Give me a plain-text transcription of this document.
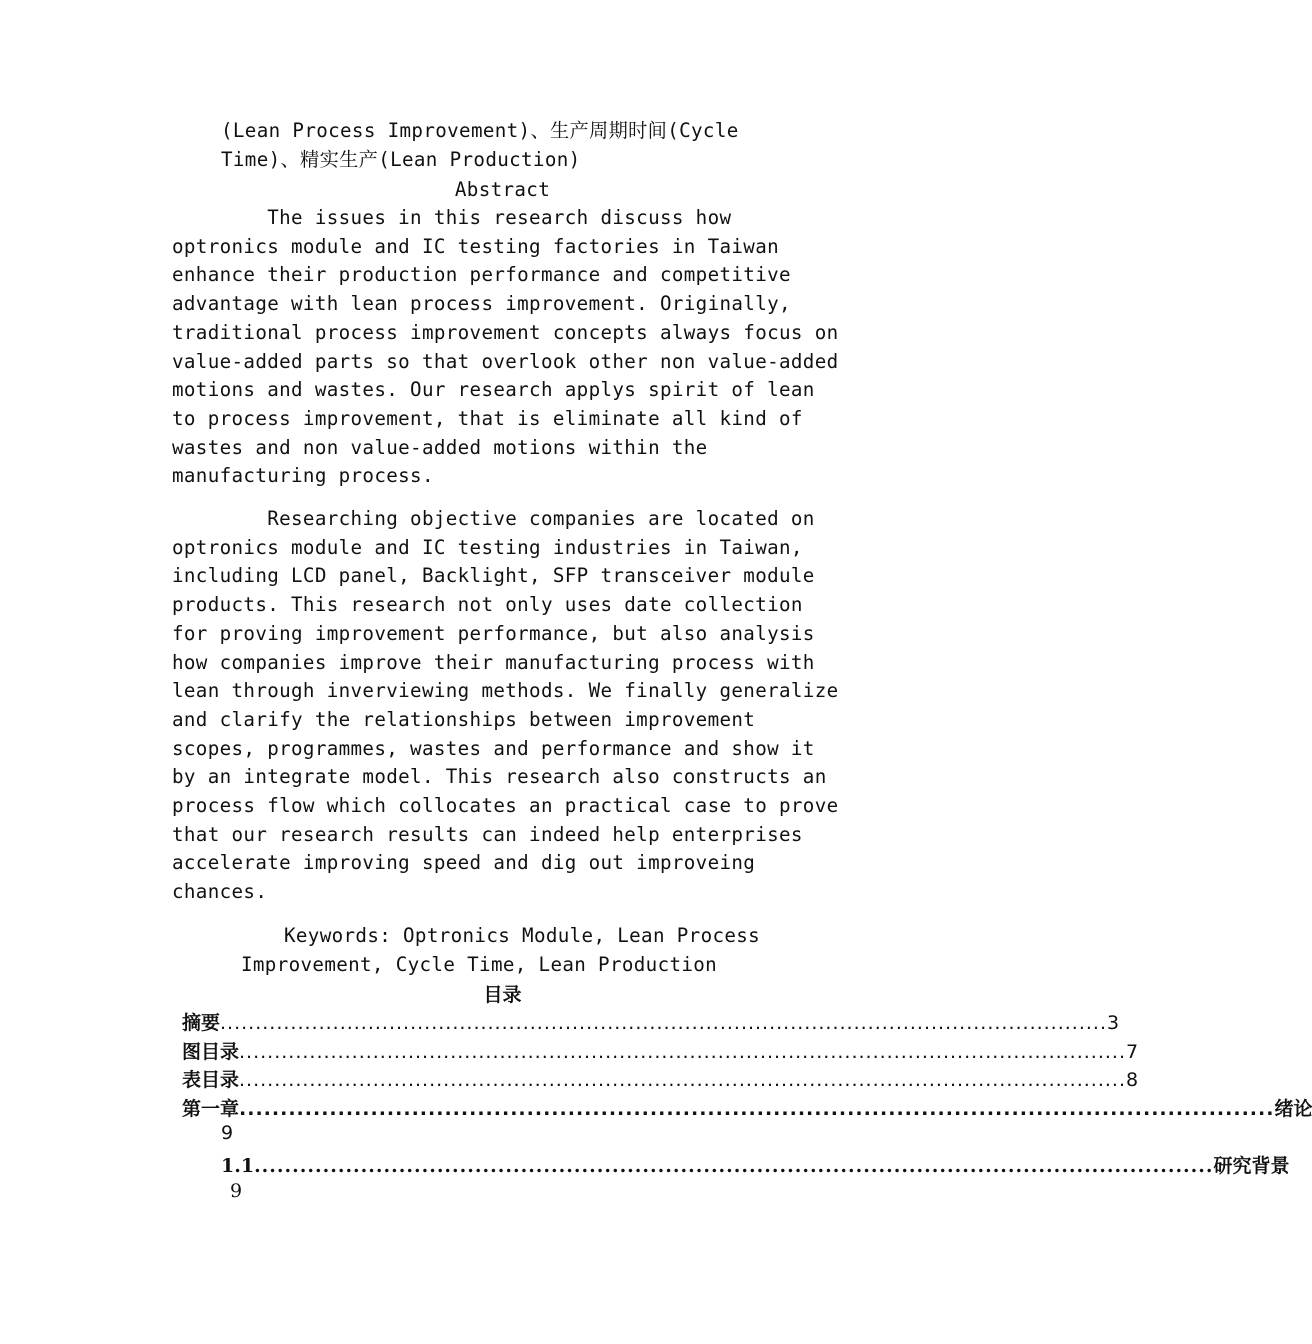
(Lean Process Improvement)、生产周期时间(Cycle
Time)、精实生产(Lean Production)
Abstract
The issues in this research discuss how
optronics module and IC testing factories in Taiwan
enhance their production performance and competitive
advantage with lean process improvement. Originally,
traditional process improvement concepts always focus on
value-added parts so that overlook other non value-added
motions and wastes. Our research applys spirit of lean
to process improvement, that is eliminate all kind of
wastes and non value-added motions within the
manufacturing process.
Researching objective companies are located on
optronics module and IC testing industries in Taiwan,
including LCD panel, Backlight, SFP transceiver module
products. This research not only uses date collection
for proving improvement performance, but also analysis
how companies improve their manufacturing process with
lean through inverviewing methods. We finally generalize
and clarify the relationships between improvement
scopes, programmes, wastes and performance and show it
by an integrate model. This research also constructs an
process flow which collocates an practical case to prove
that our research results can indeed help enterprises
accelerate improving speed and dig out improveing
chances.
Keywords: Optronics Module, Lean Process
Improvement, Cycle Time, Lean Production
目录
摘要 .............................................................................................................................. 3
图目录 .............................................................................................................................. 7
表目录 .............................................................................................................................. 8
第一章 .............................................................................................................................. 绪论
9
1.1 .............................................................................................................................. 研究背景
9
